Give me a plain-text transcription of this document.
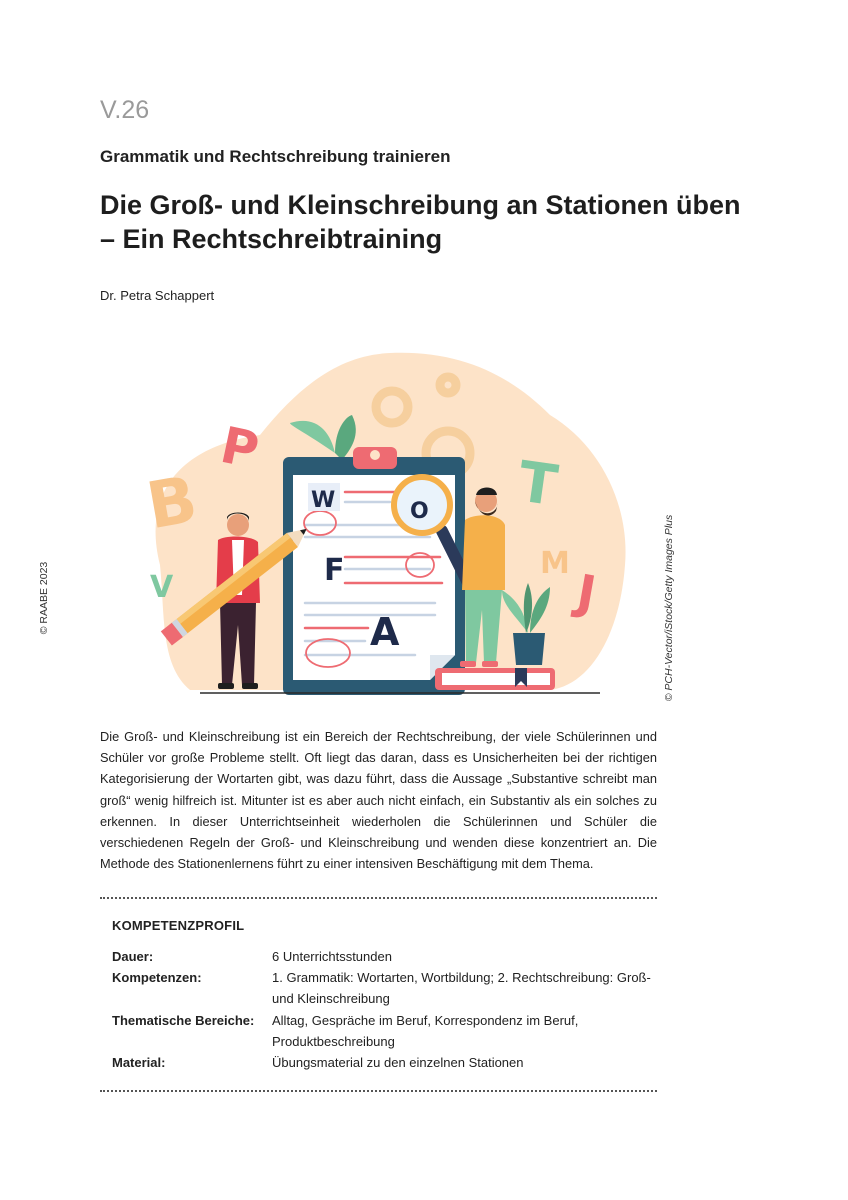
V.26
Grammatik und Rechtschreibung trainieren
Die Groß- und Kleinschreibung an Stationen üben
– Ein Rechtschreibtraining
Dr. Petra Schappert
© RAABE 2023	© PCH-Vector/iStock/Getty Images Plus
B
P
V
T
M
J
W
F
A
O

Die Groß- und Kleinschreibung ist ein Bereich der Rechtschreibung, der viele Schülerinnen und Schüler vor große Probleme stellt. Oft liegt das daran, dass es Unsicherheiten bei der richtigen Kategorisierung der Wortarten gibt, was dazu führt, dass die Aussage „Substantive schreibt man groß“ wenig hilfreich ist. Mitunter ist es aber auch nicht einfach, ein Substantiv als ein solches zu erkennen. In dieser Unterrichtseinheit wiederholen die Schülerinnen und Schüler die verschiedenen Regeln der Groß- und Kleinschreibung und wenden diese konzentriert an. Die Methode des Stationenlernens führt zu einer intensiven Beschäftigung mit dem Thema.

KOMPETENZPROFIL
Dauer:	6 Unterrichtsstunden
Kompetenzen:	1. Grammatik: Wortarten, Wortbildung; 2. Rechtschreibung: Groß- und Kleinschreibung
Thematische Bereiche:	Alltag, Gespräche im Beruf, Korrespondenz im Beruf, Produktbeschreibung
Material:	Übungsmaterial zu den einzelnen Stationen
